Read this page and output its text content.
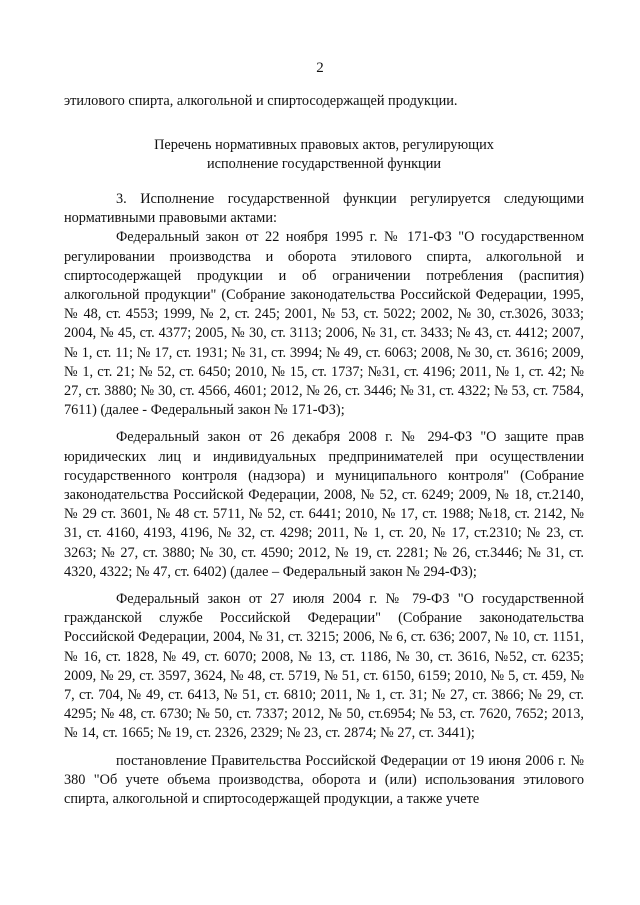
2
этилового спирта, алкогольной и спиртосодержащей продукции.
Перечень нормативных правовых актов, регулирующих
исполнение государственной функции

3. Исполнение государственной функции регулируется следующими нормативными правовыми актами:

Федеральный закон от 22 ноября 1995 г. № 171-ФЗ "О государственном регулировании производства и оборота этилового спирта, алкогольной и спиртосодержащей продукции и об ограничении потребления (распития) алкогольной продукции" (Собрание законодательства Российской Федерации, 1995, № 48, ст. 4553; 1999, № 2, ст. 245; 2001, № 53, ст. 5022; 2002, № 30, ст.3026, 3033; 2004, № 45, ст. 4377; 2005, № 30, ст. 3113; 2006, № 31, ст. 3433; № 43, ст. 4412; 2007, № 1, ст. 11; № 17, ст. 1931; № 31, ст. 3994; № 49, ст. 6063; 2008, № 30, ст. 3616; 2009, № 1, ст. 21; № 52, ст. 6450; 2010, № 15, ст. 1737; №31, ст. 4196; 2011, № 1, ст. 42; № 27, ст. 3880; № 30, ст. 4566, 4601; 2012, № 26, ст. 3446; № 31, ст. 4322; № 53, ст. 7584, 7611) (далее - Федеральный закон № 171-ФЗ);

Федеральный закон от 26 декабря 2008 г. № 294-ФЗ "О защите прав юридических лиц и индивидуальных предпринимателей при осуществлении государственного контроля (надзора) и муниципального контроля" (Собрание законодательства Российской Федерации, 2008, № 52, ст. 6249; 2009, № 18, ст.2140, № 29 ст. 3601, № 48 ст. 5711, № 52, ст. 6441; 2010, № 17, ст. 1988; №18, ст. 2142, № 31, ст. 4160, 4193, 4196, № 32, ст. 4298; 2011, № 1, ст. 20, № 17, ст.2310; № 23, ст. 3263; № 27, ст. 3880; № 30, ст. 4590; 2012, № 19, ст. 2281; № 26, ст.3446; № 31, ст. 4320, 4322; № 47, ст. 6402) (далее – Федеральный закон № 294-ФЗ);

Федеральный закон от 27 июля 2004 г. № 79-ФЗ "О государственной гражданской службе Российской Федерации" (Собрание законодательства Российской Федерации, 2004, № 31, ст. 3215; 2006, № 6, ст. 636; 2007, № 10, ст. 1151, № 16, ст. 1828, № 49, ст. 6070; 2008, № 13, ст. 1186, № 30, ст. 3616, №52, ст. 6235; 2009, № 29, ст. 3597, 3624, № 48, ст. 5719, № 51, ст. 6150, 6159; 2010, № 5, ст. 459, № 7, ст. 704, № 49, ст. 6413, № 51, ст. 6810; 2011, № 1, ст. 31; № 27, ст. 3866; № 29, ст. 4295; № 48, ст. 6730; № 50, ст. 7337; 2012, № 50, ст.6954; № 53, ст. 7620, 7652; 2013, № 14, ст. 1665; № 19, ст. 2326, 2329; № 23, ст. 2874; № 27, ст. 3441);

постановление Правительства Российской Федерации от 19 июня 2006 г. № 380 "Об учете объема производства, оборота и (или) использования этилового спирта, алкогольной и спиртосодержащей продукции, а также учете
